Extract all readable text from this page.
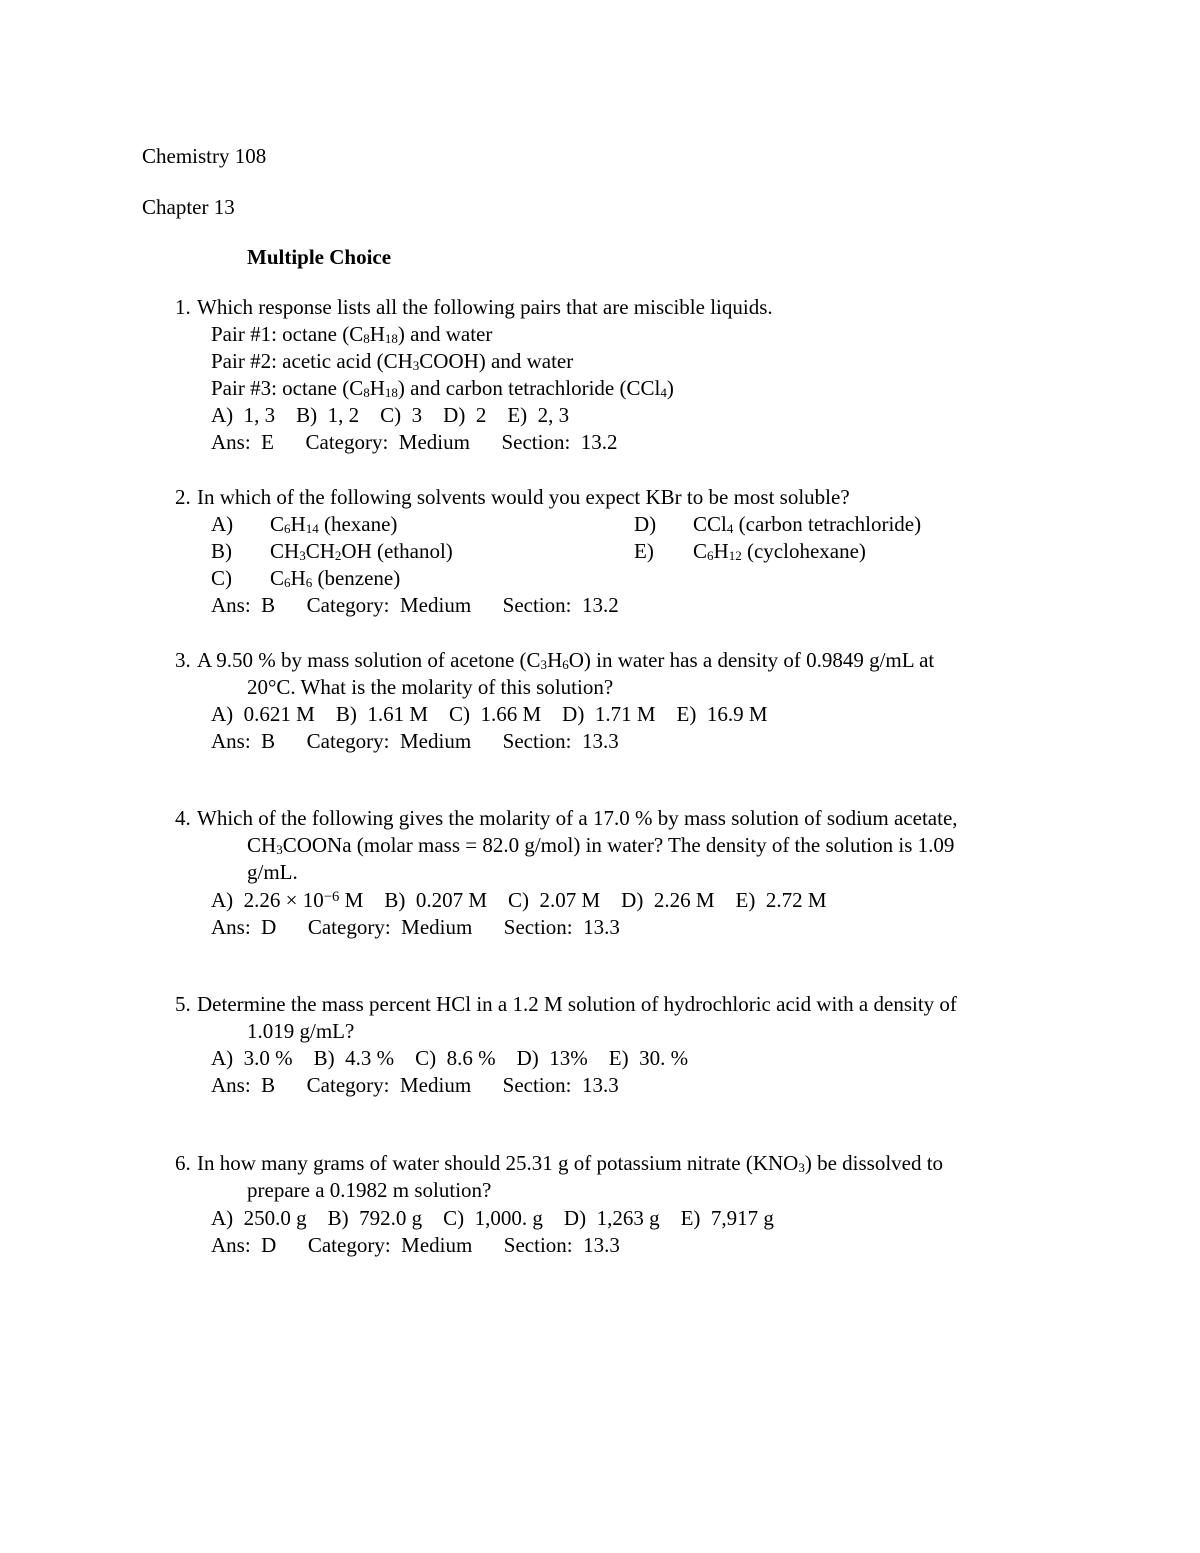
Chemistry 108
Chapter 13
Multiple Choice
1. Which response lists all the following pairs that are miscible liquids.
Pair #1: octane $(C_8H_{18})$ and water
Pair #2: acetic acid $(CH_3COOH)$ and water
Pair #3: octane $(C_8H_{18})$ and carbon tetrachloride (CCl$_4$)
A)  1, 3    B)  1, 2    C)  3    D)  2    E)  2, 3
Ans:  E      Category:  Medium      Section:  13.2
2. In which of the following solvents would you expect KBr to be most soluble?
A) $C_6H_{14}$ (hexane)	D) CCl$_4$ (carbon tetrachloride)
B) $CH_3CH_2OH$ (ethanol)	E) $C_6H_{12}$ (cyclohexane)
C) $C_6H_6$ (benzene)
Ans:  B      Category:  Medium      Section:  13.2
3. A 9.50 % by mass solution of acetone $(C_3H_6O)$ in water has a density of 0.9849 g/mL at
20°C. What is the molarity of this solution?
A)  0.621 M    B)  1.61 M    C)  1.66 M    D)  1.71 M    E)  16.9 M
Ans:  B      Category:  Medium      Section:  13.3
4. Which of the following gives the molarity of a 17.0 % by mass solution of sodium acetate,
$CH_3COONa$ (molar mass = 82.0 g/mol) in water? The density of the solution is 1.09
g/mL.
A)  $2.26 \times 10^{-6}$ M    B)  0.207 M    C)  2.07 M    D)  2.26 M    E)  2.72 M
Ans:  D      Category:  Medium      Section:  13.3
5. Determine the mass percent HCl in a 1.2 M solution of hydrochloric acid with a density of
1.019 g/mL?
A)  3.0 %    B)  4.3 %    C)  8.6 %    D)  13%    E)  30. %
Ans:  B      Category:  Medium      Section:  13.3
6. In how many grams of water should 25.31 g of potassium nitrate $(KNO_3)$ be dissolved to
prepare a 0.1982 m solution?
A)  250.0 g    B)  792.0 g    C)  1,000. g    D)  1,263 g    E)  7,917 g
Ans:  D      Category:  Medium      Section:  13.3
